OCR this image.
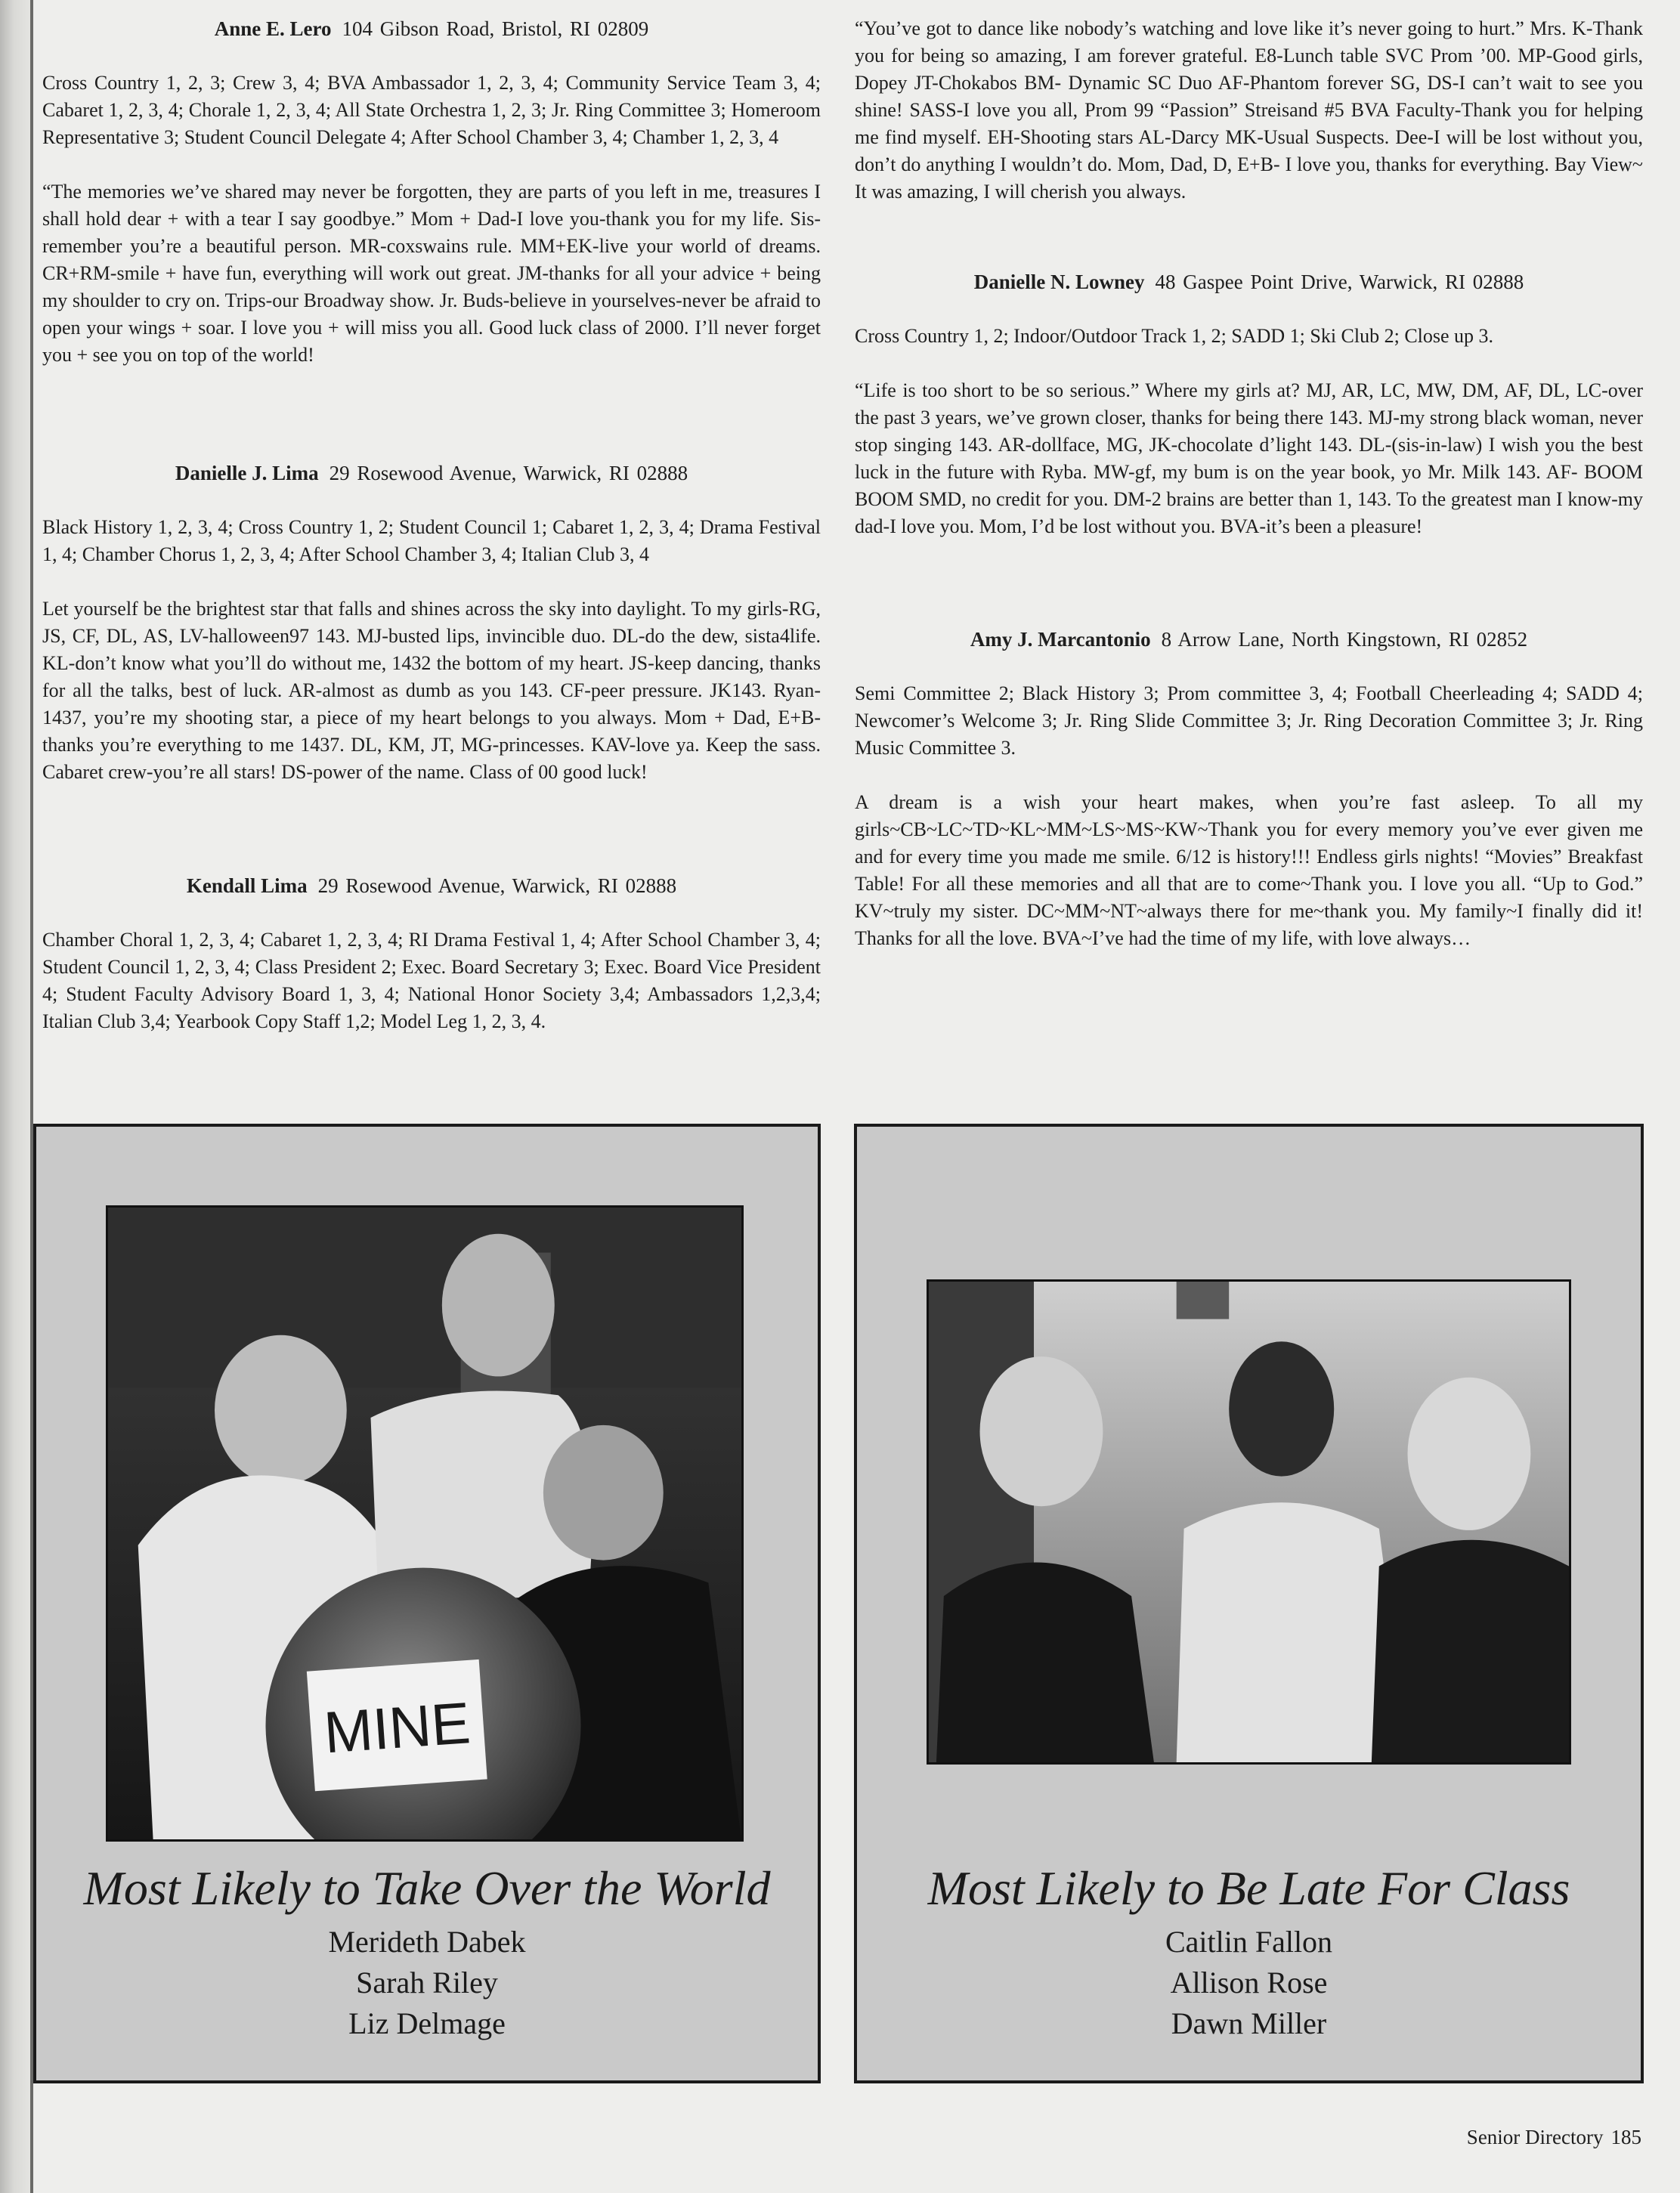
Anne E. Lero 104 Gibson Road, Bristol, RI 02809

Cross Country 1, 2, 3; Crew 3, 4; BVA Ambassador 1, 2, 3, 4; Community Service Team 3, 4; Cabaret 1, 2, 3, 4; Chorale 1, 2, 3, 4; All State Orchestra 1, 2, 3; Jr. Ring Committee 3; Homeroom Representative 3; Student Council Delegate 4; After School Chamber 3, 4; Chamber 1, 2, 3, 4

“The memories we’ve shared may never be forgotten, they are parts of you left in me, treasures I shall hold dear + with a tear I say goodbye.” Mom + Dad-I love you-thank you for my life. Sis-remember you’re a beautiful person. MR-coxswains rule. MM+EK-live your world of dreams. CR+RM-smile + have fun, everything will work out great. JM-thanks for all your advice + being my shoulder to cry on. Trips-our Broadway show. Jr. Buds-believe in yourselves-never be afraid to open your wings + soar. I love you + will miss you all. Good luck class of 2000. I’ll never forget you + see you on top of the world!

Danielle J. Lima 29 Rosewood Avenue, Warwick, RI 02888

Black History 1, 2, 3, 4; Cross Country 1, 2; Student Council 1; Cabaret 1, 2, 3, 4; Drama Festival 1, 4; Chamber Chorus 1, 2, 3, 4; After School Chamber 3, 4; Italian Club 3, 4

Let yourself be the brightest star that falls and shines across the sky into daylight. To my girls-RG, JS, CF, DL, AS, LV-halloween97 143. MJ-busted lips, invincible duo. DL-do the dew, sista4life. KL-don’t know what you’ll do without me, 1432 the bottom of my heart. JS-keep dancing, thanks for all the talks, best of luck. AR-almost as dumb as you 143. CF-peer pressure. JK143. Ryan-1437, you’re my shooting star, a piece of my heart belongs to you always. Mom + Dad, E+B-thanks you’re everything to me 1437. DL, KM, JT, MG-princesses. KAV-love ya. Keep the sass. Cabaret crew-you’re all stars! DS-power of the name. Class of 00 good luck!

Kendall Lima 29 Rosewood Avenue, Warwick, RI 02888

Chamber Choral 1, 2, 3, 4; Cabaret 1, 2, 3, 4; RI Drama Festival 1, 4; After School Chamber 3, 4; Student Council 1, 2, 3, 4; Class President 2; Exec. Board Secretary 3; Exec. Board Vice President 4; Student Faculty Advisory Board 1, 3, 4; National Honor Society 3,4; Ambassadors 1,2,3,4; Italian Club 3,4; Yearbook Copy Staff 1,2; Model Leg 1, 2, 3, 4.

“You’ve got to dance like nobody’s watching and love like it’s never going to hurt.” Mrs. K-Thank you for being so amazing, I am forever grateful. E8-Lunch table SVC Prom ’00. MP-Good girls, Dopey JT-Chokabos BM- Dynamic SC Duo AF-Phantom forever SG, DS-I can’t wait to see you shine! SASS-I love you all, Prom 99 “Passion” Streisand #5 BVA Faculty-Thank you for helping me find myself. EH-Shooting stars AL-Darcy MK-Usual Suspects. Dee-I will be lost without you, don’t do anything I wouldn’t do. Mom, Dad, D, E+B- I love you, thanks for everything. Bay View~ It was amazing, I will cherish you always.

Danielle N. Lowney 48 Gaspee Point Drive, Warwick, RI 02888

Cross Country 1, 2; Indoor/Outdoor Track 1, 2; SADD 1; Ski Club 2; Close up 3.

“Life is too short to be so serious.” Where my girls at? MJ, AR, LC, MW, DM, AF, DL, LC-over the past 3 years, we’ve grown closer, thanks for being there 143. MJ-my strong black woman, never stop singing 143. AR-dollface, MG, JK-chocolate d’light 143. DL-(sis-in-law) I wish you the best luck in the future with Ryba. MW-gf, my bum is on the year book, yo Mr. Milk 143. AF- BOOM BOOM SMD, no credit for you. DM-2 brains are better than 1, 143. To the greatest man I know-my dad-I love you. Mom, I’d be lost without you. BVA-it’s been a pleasure!

Amy J. Marcantonio 8 Arrow Lane, North Kingstown, RI 02852

Semi Committee 2; Black History 3; Prom committee 3, 4; Football Cheerleading 4; SADD 4; Newcomer’s Welcome 3; Jr. Ring Slide Committee 3; Jr. Ring Decoration Committee 3; Jr. Ring Music Committee 3.

A dream is a wish your heart makes, when you’re fast asleep. To all my girls~CB~LC~TD~KL~MM~LS~MS~KW~Thank you for every memory you’ve ever given me and for every time you made me smile. 6/12 is history!!! Endless girls nights! “Movies” Breakfast Table! For all these memories and all that are to come~Thank you. I love you all. “Up to God.” KV~truly my sister. DC~MM~NT~always there for me~thank you. My family~I finally did it! Thanks for all the love. BVA~I’ve had the time of my life, with love always…

MINE
Most Likely to Take Over the World
Merideth Dabek
Sarah Riley
Liz Delmage
Most Likely to Be Late For Class
Caitlin Fallon
Allison Rose
Dawn Miller
Senior Directory 185
